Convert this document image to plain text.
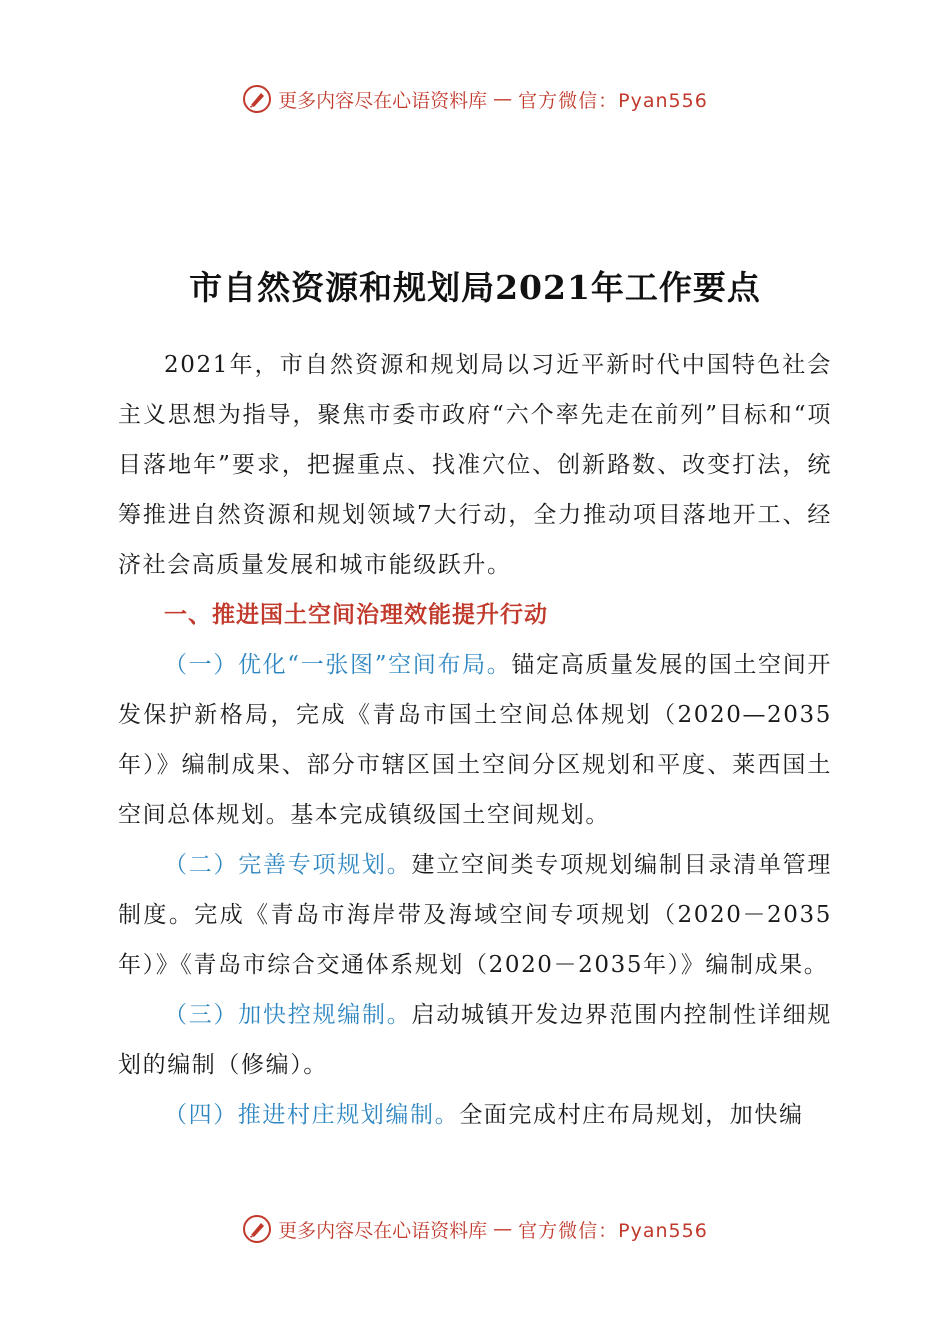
更多内容尽在心语资料库 — 官方微信：Pyan556
市自然资源和规划局2021年工作要点

2021年，市自然资源和规划局以习近平新时代中国特色社会主义思想为指导，聚焦市委市政府“六个率先走在前列”目标和“项目落地年”要求，把握重点、找准穴位、创新路数、改变打法，统筹推进自然资源和规划领域7大行动，全力推动项目落地开工、经济社会高质量发展和城市能级跃升。

一、推进国土空间治理效能提升行动

（一）优化“一张图”空间布局。锚定高质量发展的国土空间开发保护新格局，完成《青岛市国土空间总体规划（2020—2035年）》编制成果、部分市辖区国土空间分区规划和平度、莱西国土空间总体规划。基本完成镇级国土空间规划。

（二）完善专项规划。建立空间类专项规划编制目录清单管理制度。完成《青岛市海岸带及海域空间专项规划（2020－2035年）》《青岛市综合交通体系规划（2020－2035年）》编制成果。

（三）加快控规编制。启动城镇开发边界范围内控制性详细规划的编制（修编）。

（四）推进村庄规划编制。全面完成村庄布局规划，加快编

更多内容尽在心语资料库 — 官方微信：Pyan556
